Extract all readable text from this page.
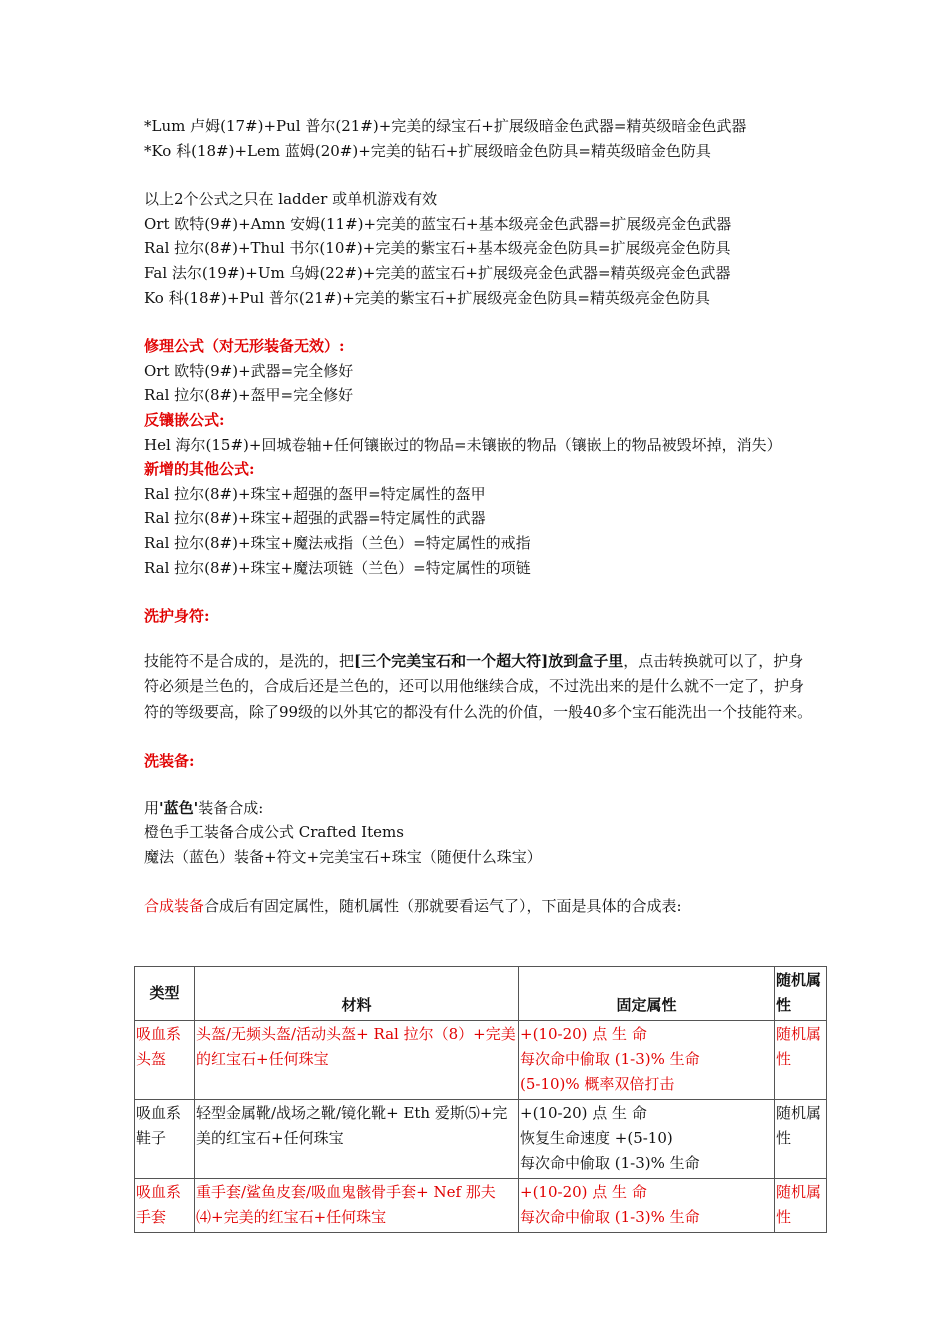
*Lum 卢姆(17#)+Pul 普尔(21#)+完美的绿宝石+扩展级暗金色武器=精英级暗金色武器
*Ko 科(18#)+Lem 蓝姆(20#)+完美的钻石+扩展级暗金色防具=精英级暗金色防具
以上2个公式之只在 ladder 或单机游戏有效
Ort 欧特(9#)+Amn 安姆(11#)+完美的蓝宝石+基本级亮金色武器=扩展级亮金色武器
Ral 拉尔(8#)+Thul 书尔(10#)+完美的紫宝石+基本级亮金色防具=扩展级亮金色防具
Fal 法尔(19#)+Um 乌姆(22#)+完美的蓝宝石+扩展级亮金色武器=精英级亮金色武器
Ko 科(18#)+Pul 普尔(21#)+完美的紫宝石+扩展级亮金色防具=精英级亮金色防具
修理公式（对无形装备无效）:
Ort 欧特(9#)+武器=完全修好
Ral 拉尔(8#)+盔甲=完全修好
反镶嵌公式:
Hel 海尔(15#)+回城卷轴+任何镶嵌过的物品=未镶嵌的物品（镶嵌上的物品被毁坏掉，消失）
新增的其他公式:
Ral 拉尔(8#)+珠宝+超强的盔甲=特定属性的盔甲
Ral 拉尔(8#)+珠宝+超强的武器=特定属性的武器
Ral 拉尔(8#)+珠宝+魔法戒指（兰色）=特定属性的戒指
Ral 拉尔(8#)+珠宝+魔法项链（兰色）=特定属性的项链
洗护身符:
技能符不是合成的，是洗的，把[三个完美宝石和一个超大符]放到盒子里，点击转换就可以了，护身符必须是兰色的，合成后还是兰色的，还可以用他继续合成，不过洗出来的是什么就不一定了，护身符的等级要高，除了99级的以外其它的都没有什么洗的价值，一般40多个宝石能洗出一个技能符来。
洗装备:
用'蓝色'装备合成:
橙色手工装备合成公式 Crafted Items
魔法（蓝色）装备+符文+完美宝石+珠宝（随便什么珠宝）
合成装备合成后有固定属性，随机属性（那就要看运气了），下面是具体的合成表:
类型	材料	固定属性	随机属性
吸血系头盔	头盔/无频头盔/活动头盔+ Ral 拉尔（8）+完美的红宝石+任何珠宝	+(10-20) 点 生 命
每次命中偷取 (1-3)% 生命
(5-10)% 概率双倍打击	随机属性
吸血系鞋子	轻型金属靴/战场之靴/镜化靴+ Eth 爱斯⑸+完美的红宝石+任何珠宝	+(10-20) 点 生 命
恢复生命速度 +(5-10)
每次命中偷取 (1-3)% 生命	随机属性
吸血系手套	重手套/鲨鱼皮套/吸血鬼骸骨手套+ Nef 那夫⑷+完美的红宝石+任何珠宝	+(10-20) 点 生 命
每次命中偷取 (1-3)% 生命	随机属性
